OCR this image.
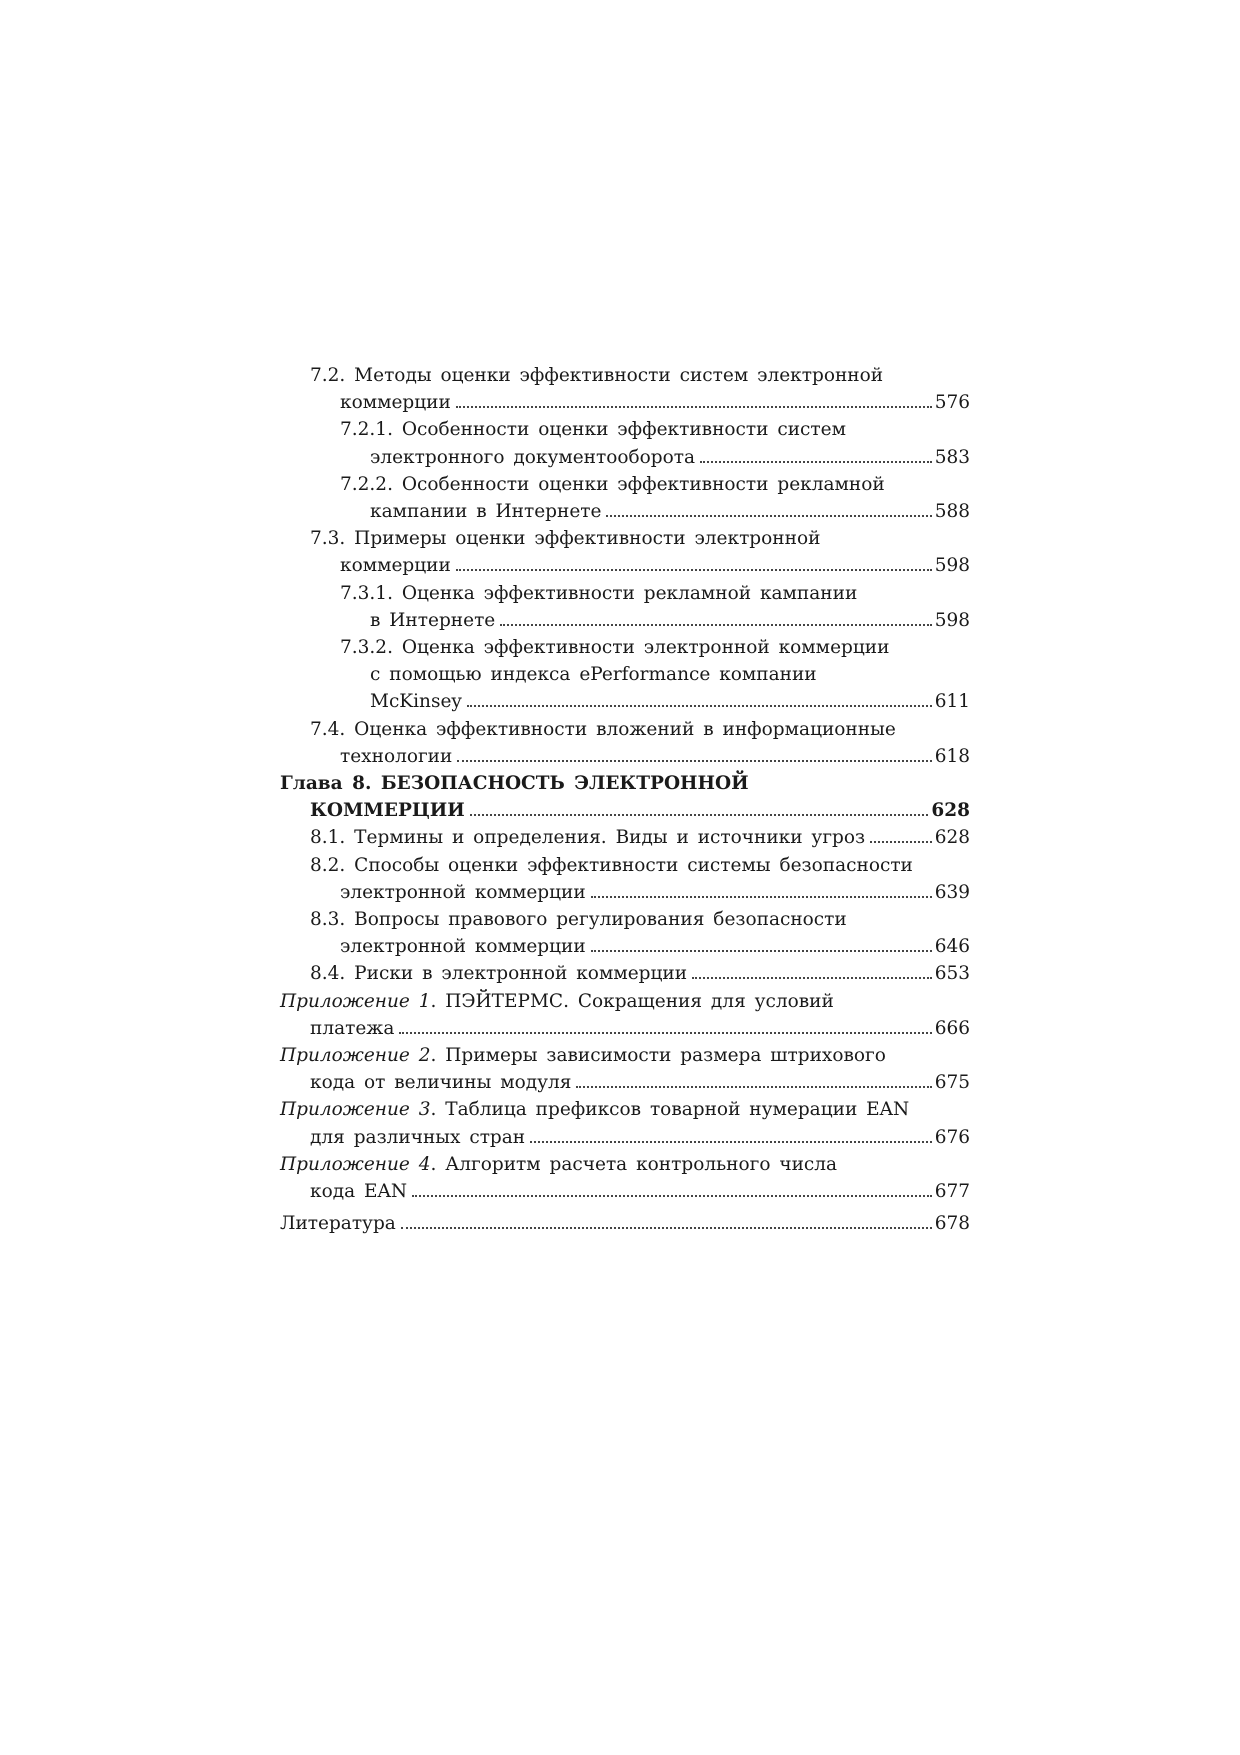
7.2. Методы оценки эффективности систем электронной
коммерции	576
7.2.1. Особенности оценки эффективности систем
электронного документооборота	583
7.2.2. Особенности оценки эффективности рекламной
кампании в Интернете	588
7.3. Примеры оценки эффективности электронной
коммерции	598
7.3.1. Оценка эффективности рекламной кампании
в Интернете	598
7.3.2. Оценка эффективности электронной коммерции
с помощью индекса ePerformance компании
McKinsey	611
7.4. Оценка эффективности вложений в информационные
технологии	618
Глава 8. БЕЗОПАСНОСТЬ ЭЛЕКТРОННОЙ
КОММЕРЦИИ	628
8.1. Термины и определения. Виды и источники угроз	628
8.2. Способы оценки эффективности системы безопасности
электронной коммерции	639
8.3. Вопросы правового регулирования безопасности
электронной коммерции	646
8.4. Риски в электронной коммерции	653
Приложение 1. ПЭЙТЕРМС. Сокращения для условий
платежа	666
Приложение 2. Примеры зависимости размера штрихового
кода от величины модуля	675
Приложение 3. Таблица префиксов товарной нумерации EAN
для различных стран	676
Приложение 4. Алгоритм расчета контрольного числа
кода EAN	677
Литература	678
